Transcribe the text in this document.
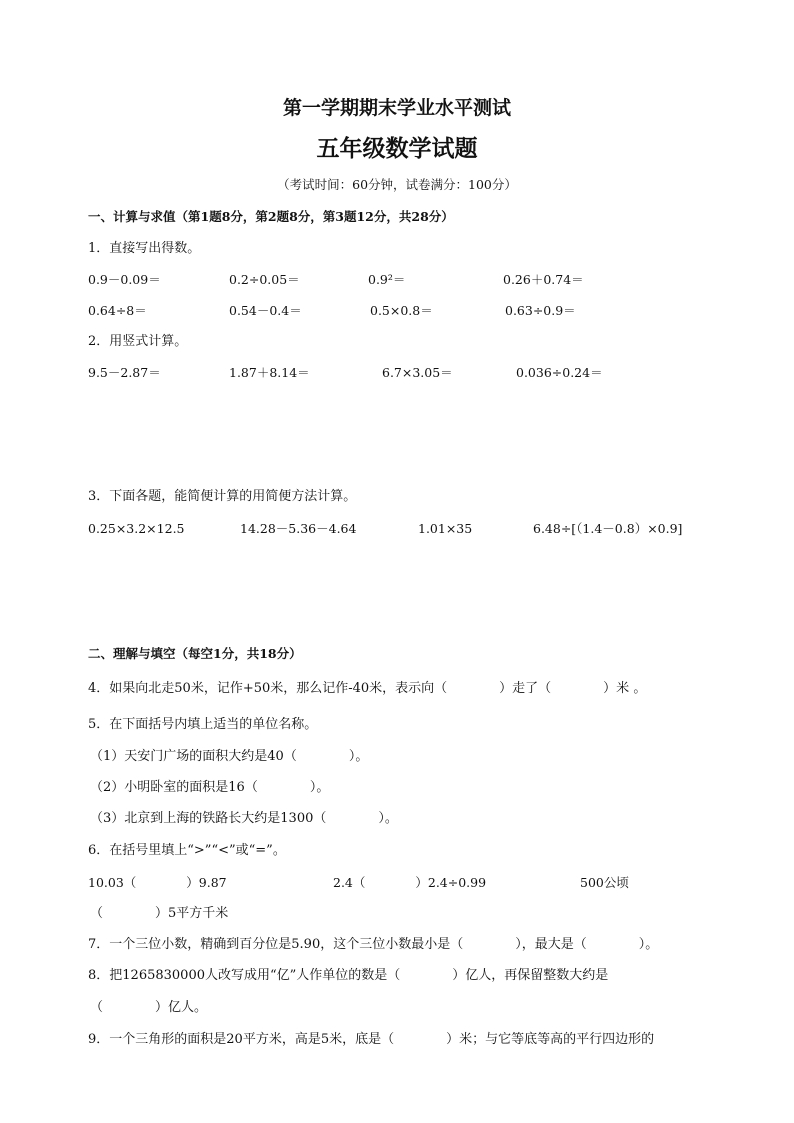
第一学期期末学业水平测试
五年级数学试题
（考试时间：60分钟，试卷满分：100分）
一、计算与求值（第1题8分，第2题8分，第3题12分，共28分）
1．直接写出得数。
0.9－0.09＝	0.2÷0.05＝	0.9²＝	0.26＋0.74＝
0.64÷8＝	0.54－0.4＝	0.5×0.8＝	0.63÷0.9＝
2．用竖式计算。
9.5－2.87＝	1.87＋8.14＝	6.7×3.05＝	0.036÷0.24＝
3．下面各题，能简便计算的用简便方法计算。
0.25×3.2×12.5	14.28－5.36－4.64	1.01×35	6.48÷[（1.4－0.8）×0.9]
二、理解与填空（每空1分，共18分）
4．如果向北走50米，记作+50米，那么记作-40米，表示向（　　　　）走了（　　　　）米 。
5．在下面括号内填上适当的单位名称。
（1）天安门广场的面积大约是40（　　　　）。
（2）小明卧室的面积是16（　　　　）。
（3）北京到上海的铁路长大约是1300（　　　　）。
6．在括号里填上“>”“<”或“=”。
10.03（　　　　）9.87	2.4（　　　　）2.4÷0.99	500公顷
（　　　　）5平方千米
7．一个三位小数，精确到百分位是5.90，这个三位小数最小是（　　　　），最大是（　　　　）。
8．把1265830000人改写成用“亿”人作单位的数是（　　　　）亿人，再保留整数大约是
（　　　　）亿人。
9．一个三角形的面积是20平方米，高是5米，底是（　　　　）米；与它等底等高的平行四边形的
